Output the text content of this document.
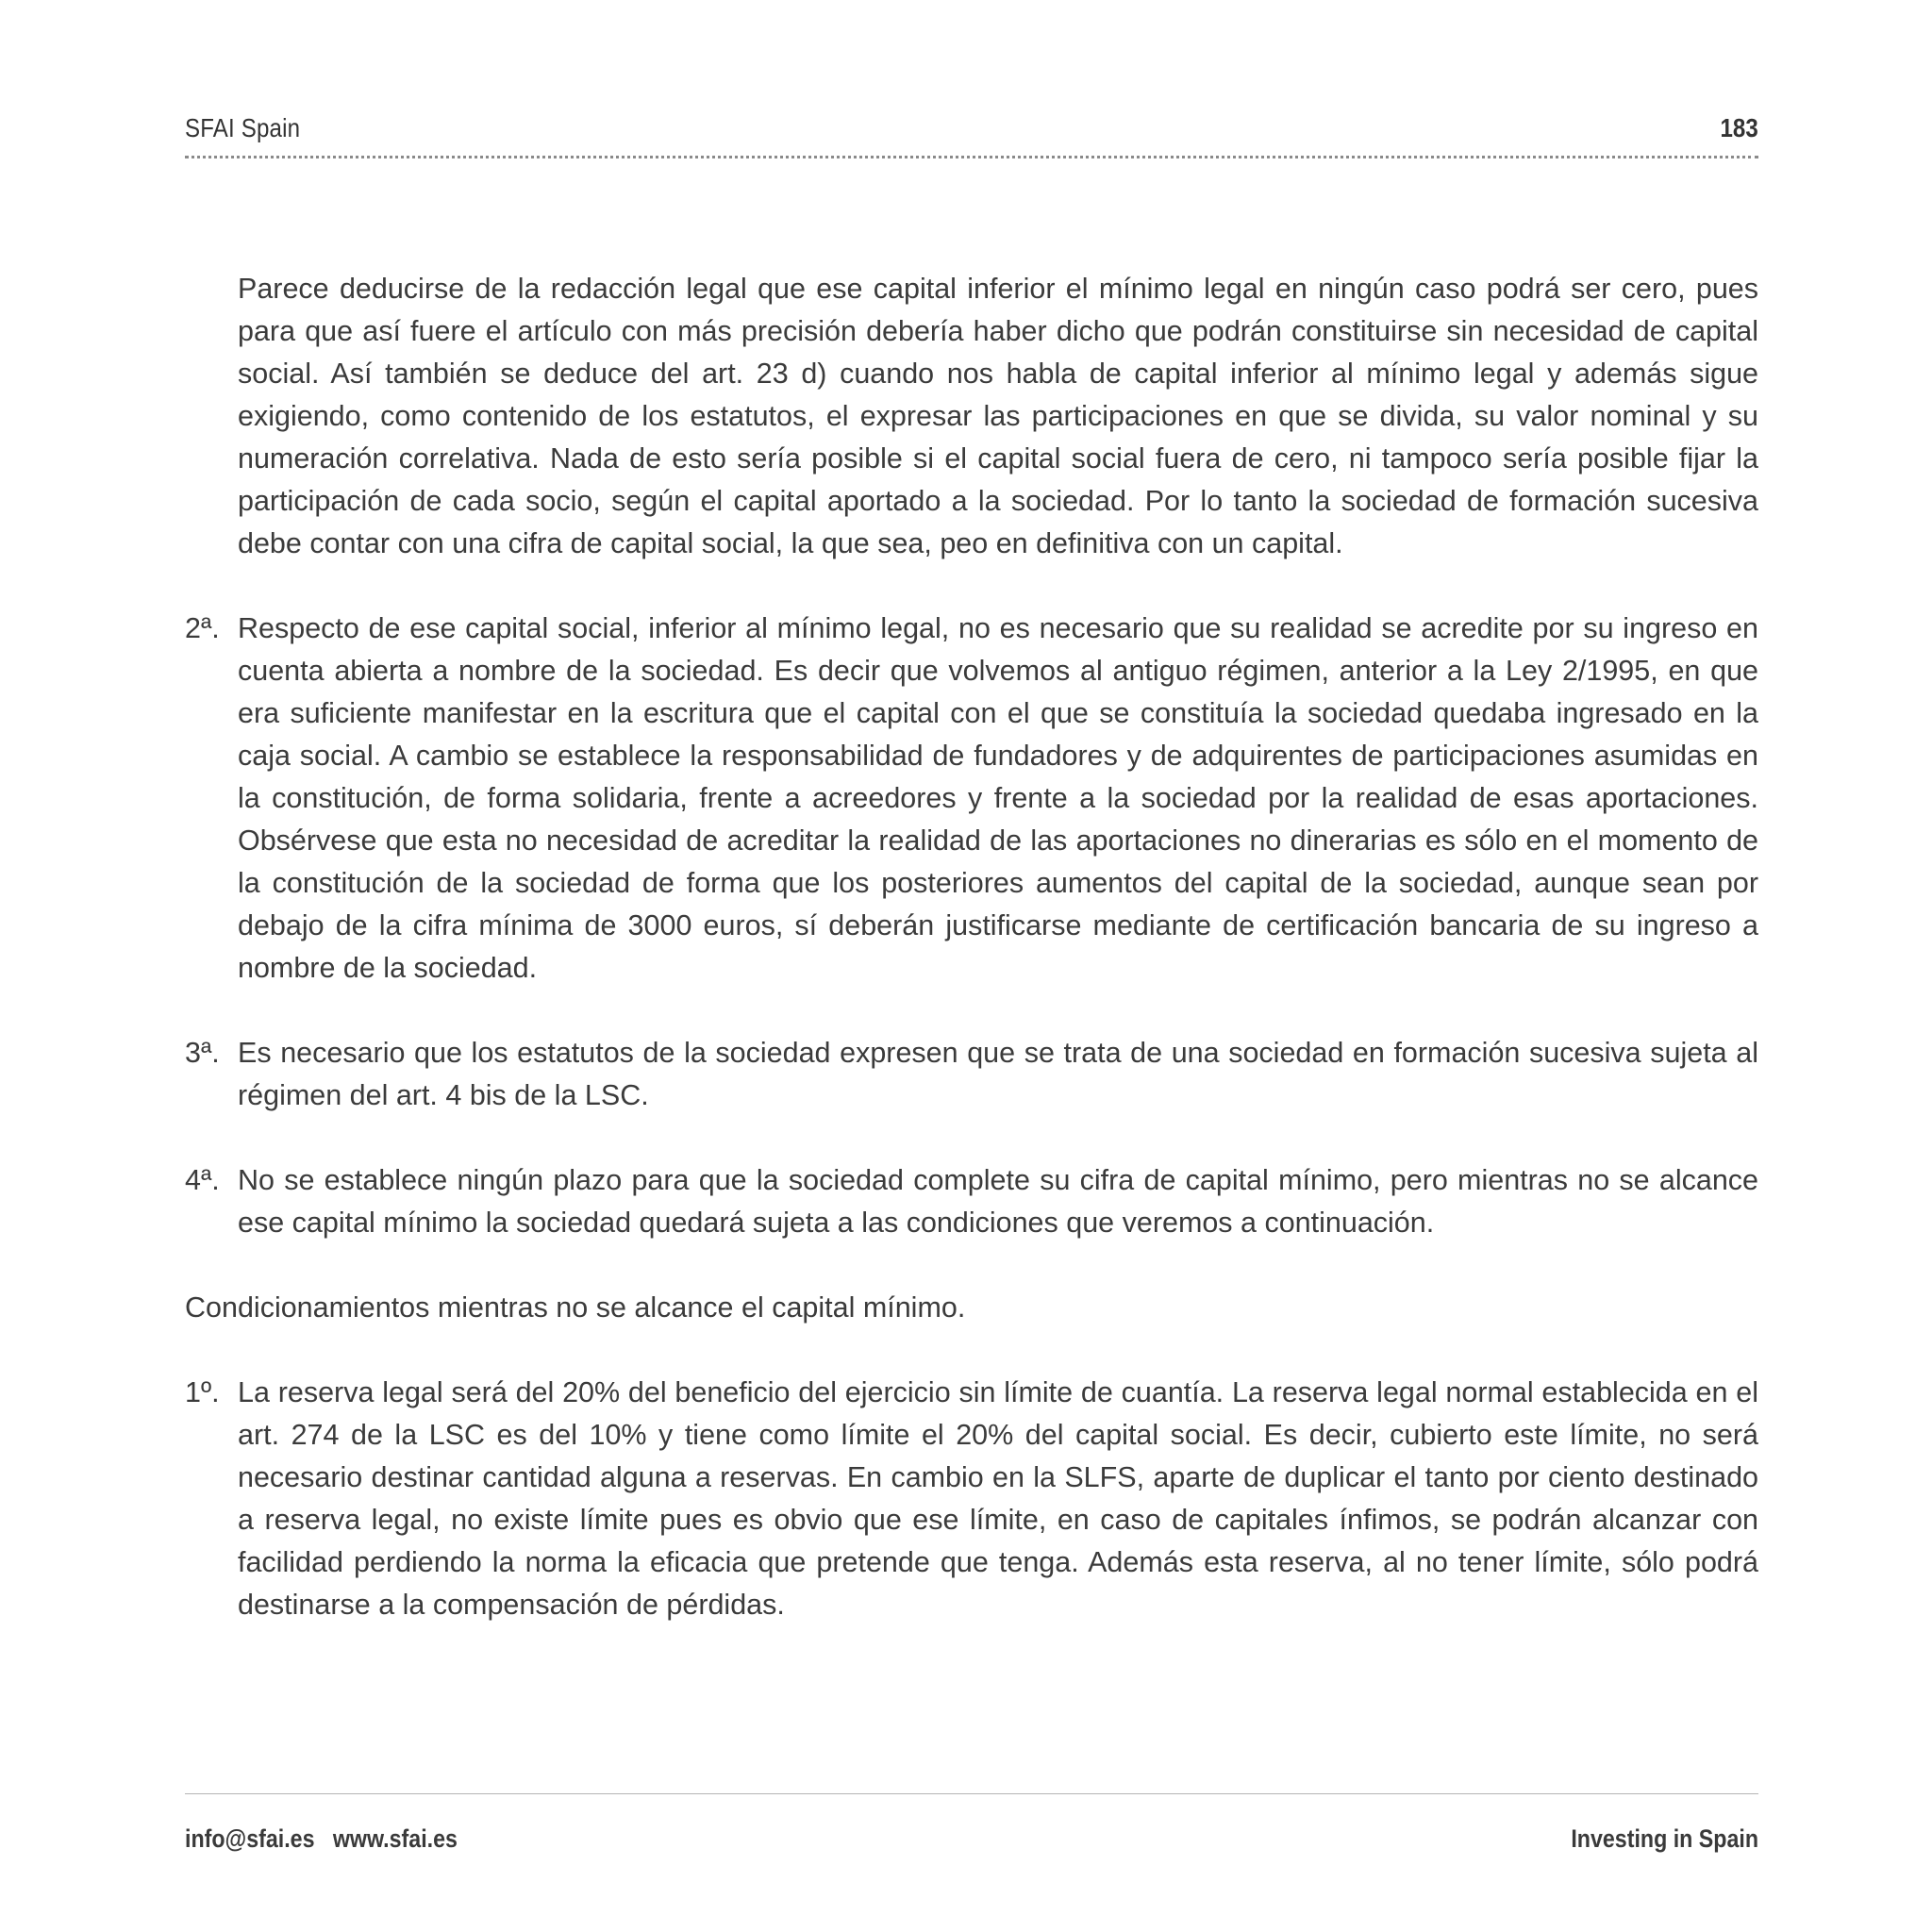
SFAI Spain	183

Parece deducirse de la redacción legal que ese capital inferior el mínimo legal en ningún caso podrá ser cero, pues para que así fuere el artículo con más precisión debería haber dicho que podrán constituirse sin necesidad de capital social. Así también se deduce del art. 23 d) cuando nos habla de capital inferior al mínimo legal y además sigue exigiendo, como contenido de los estatutos, el expresar las participaciones en que se divida, su valor nominal y su numeración correlativa. Nada de esto sería posible si el capital social fuera de cero, ni tampoco sería posible fijar la participación de cada socio, según el capital aportado a la sociedad. Por lo tanto la sociedad de formación sucesiva debe contar con una cifra de capital social, la que sea, peo en definitiva con un capital.

2ª. Respecto de ese capital social, inferior al mínimo legal, no es necesario que su realidad se acredite por su ingreso en cuenta abierta a nombre de la sociedad. Es decir que volvemos al antiguo régimen, anterior a la Ley 2/1995, en que era suficiente manifestar en la escritura que el capital con el que se constituía la sociedad quedaba ingresado en la caja social. A cambio se establece la responsabilidad de fundadores y de adquirentes de participaciones asumidas en la constitución, de forma solidaria, frente a acreedores y frente a la sociedad por la realidad de esas aportaciones. Obsérvese que esta no necesidad de acreditar la realidad de las aportaciones no dinerarias es sólo en el momento de la constitución de la sociedad de forma que los posteriores aumentos del capital de la sociedad, aunque sean por debajo de la cifra mínima de 3000 euros, sí deberán justificarse mediante de certificación bancaria de su ingreso a nombre de la sociedad.
3ª. Es necesario que los estatutos de la sociedad expresen que se trata de una sociedad en formación sucesiva sujeta al régimen del art. 4 bis de la LSC.
4ª. No se establece ningún plazo para que la sociedad complete su cifra de capital mínimo, pero mientras no se alcance ese capital mínimo la sociedad quedará sujeta a las condiciones que veremos a continuación.

Condicionamientos mientras no se alcance el capital mínimo.

1º. La reserva legal será del 20% del beneficio del ejercicio sin límite de cuantía. La reserva legal normal establecida en el art. 274 de la LSC es del 10% y tiene como límite el 20% del capital social. Es decir, cubierto este límite, no será necesario destinar cantidad alguna a reservas. En cambio en la SLFS, aparte de duplicar el tanto por ciento destinado a reserva legal, no existe límite pues es obvio que ese límite, en caso de capitales ínfimos, se podrán alcanzar con facilidad perdiendo la norma la eficacia que pretende que tenga. Además esta reserva, al no tener límite, sólo podrá destinarse a la compensación de pérdidas.
info@sfai.es www.sfai.es	Investing in Spain
